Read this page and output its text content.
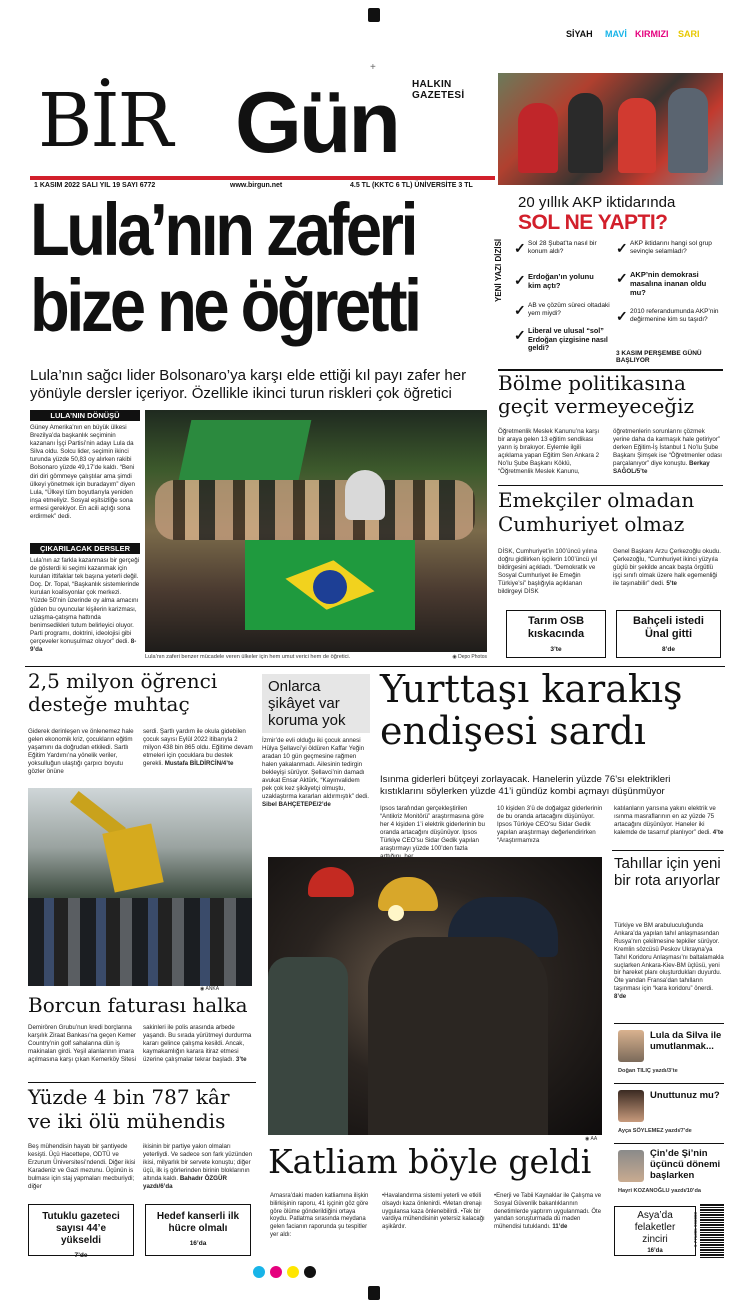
SİYAH MAVİ KIRMIZI SARI
+
HALKIN GAZETESİ
BİR Gün
1 KASIM 2022 SALI YIL 19 SAYI 6772	www.birgun.net	4.5 TL (KKTC 6 TL) ÜNİVERSİTE 3 TL
Lula’nın zaferi
bize ne öğretti
Lula’nın sağcı lider Bolsonaro’ya karşı elde ettiği kıl payı zafer her
yönüyle dersler içeriyor. Özellikle ikinci turun riskleri çok öğretici
LULA’NIN DÖNÜŞÜ
Güney Amerika’nın en büyük ülkesi Brezilya’da başkanlık seçiminin kazananı İşçi Partisi’nin adayı Lula da Silva oldu. Solcu lider, seçimin ikinci turunda yüzde 50,83 oy alırken rakibi Bolsonaro yüzde 49,17’de kaldı. “Beni diri diri gömmeye çalıştılar ama şimdi ülkeyi yönetmek için buradayım” diyen Lula, “Ülkeyi tüm boyutlarıyla yeniden inşa etmeliyiz. Sosyal eşitsizliğe sona ermesi gerekiyor. En acili açlığı sona erdirmek” dedi.
ÇIKARILACAK DERSLER
Lula’nın az farkla kazanması bir gerçeği de gösterdi ki seçimi kazanmak için kurulan ittifaklar tek başına yeterli değil. Doç. Dr. Topal, “Başkanlık sistemlerinde kurulan koalisyonlar çok merkezi. Yüzde 50’nin üzerinde oy alma amacını güden bu oyuncular kişilerin karizması, uzlaşma-çatışma hattında benimsedikleri tutum belirleyici oluyor. Parti programı, doktrini, ideolojisi gibi çerçeveler konuşulmaz oluyor” dedi. 8-9’da
Lula’nın zaferi benzer mücadele veren ülkeler için hem umut verici hem de öğretici.	◉ Depo Photos
YENİ YAZI DİZİSİ
20 yıllık AKP iktidarında
SOL NE YAPTI?
✓ Sol 28 Şubat’ta nasıl bir konum aldı?
✓ Erdoğan’ın yolunu kim açtı?
✓ AB ve çözüm süreci oltadaki yem miydi?
✓ Liberal ve ulusal “sol” Erdoğan çizgisine nasıl geldi?
✓ AKP iktidarını hangi sol grup sevinçle selamladı?
✓ AKP’nin demokrasi masalına inanan oldu mu?
✓ 2010 referandumunda AKP’nin değirmenine kim su taşıdı?
3 KASIM PERŞEMBE GÜNÜ BAŞLIYOR
Bölme politikasına
geçit vermeyeceğiz
Öğretmenlik Meslek Kanunu’na karşı bir araya gelen 13 eğitim sendikası yarın iş bırakıyor. Eylemle ilgili açıklama yapan Eğitim Sen Ankara 2 No’lu Şube Başkanı Köklü, “Öğretmenlik Meslek Kanunu,
öğretmenlerin sorunlarını çözmek yerine daha da karmaşık hale getiriyor” derken Eğitim-İş İstanbul 1 No’lu Şube Başkanı Şimşek ise “Öğretmenler odası parçalanıyor” diye konuştu. Berkay SAĞOL/5’te
Emekçiler olmadan
Cumhuriyet olmaz
DİSK, Cumhuriyet’in 100’üncü yılına doğru gidilirken işçilerin 100’üncü yıl bildirgesini açıkladı. “Demokratik ve Sosyal Cumhuriyet ile Emeğin Türkiye’si” başlığıyla açıklanan bildirgeyi DİSK
Genel Başkanı Arzu Çerkezoğlu okudu. Çerkezoğlu, “Cumhuriyet ikinci yüzyıla güçlü bir şekilde ancak başta örgütlü işçi sınıfı olmak üzere halk egemenliği ile taşınabilir” dedi. 5’te
Tarım OSB kıskacında
3’te
Bahçeli istedi Ünal gitti
8’de
2,5 milyon öğrenci
desteğe muhtaç
Giderek derinleşen ve önlenemez hale gelen ekonomik kriz, çocukların eğitim yaşamını da doğrudan etkiledi. Sartlı Eğitim Yardımı’na yönelik veriler, yoksulluğun ulaştığı çarpıcı boyutu gözler önüne
serdi. Şartlı yardım ile okula gidebilen çocuk sayısı Eylül 2022 itibarıyla 2 milyon 438 bin 865 oldu. Eğitime devam etmeleri için çocuklara bu destek gerekli. Mustafa BİLDİRCİN/4’te
Onlarca şikâyet var koruma yok
İzmir’de evli olduğu iki çocuk annesi Hülya Şellavci’yi öldüren Kaffar Yeğin aradan 10 gün geçmesine rağmen halen yakalanmadı. Ailesinin tedirgin bekleyişi sürüyor. Şellavci’nin damadı avukat Ensar Aktürk, “Kayınvalidem pek çok kez şikâyetçi olmuştu, uzaklaştırma kararları aldırmıştık” dedi. Sibel BAHÇETEPE/2’de
Yurttaşı karakış
endişesi sardı
Isınma giderleri bütçeyi zorlayacak. Hanelerin yüzde 76’sı elektrikleri
kıstıklarını söylerken yüzde 41’i gündüz kombi açmayı düşünmüyor
Ipsos tarafından gerçekleştirilen “Antikriz Monitörü” araştırmasına göre her 4 kişiden 1’i elektrik giderlerinin bu oranda artacağını düşünüyor. Ipsos Türkiye CEO’su Sidar Gedik yapılan araştırmayı yüzde 100’den fazla
10 kişiden 3’ü de doğalgaz giderlerinin de bu oranda artacağını düşünüyor. Ipsos Türkiye CEO’su Sidar Gedik yapılan araştırmayı değerlendirirken “Araştırmamıza
katılanların yarısına yakını elektrik ve ısınma masraflarının en az yüzde 75 artacağını düşünüyor. Haneler iki kalemde de tasarruf planlıyor” dedi. 4’te
◉ ANKA
Borcun faturası halka
Demirören Grubu’nun kredi borçlarına karşılık Ziraat Bankası’na geçen Kemer Country’nin golf sahalarına dün iş makinaları girdi. Yeşil alanlarının imara açılmasına karşı çıkan Kemerköy Sitesi
sakinleri ile polis arasında arbede yaşandı. Bu sırada yürütmeyi durdurma kararı gelince çalışma kesildi. Ancak, kaymakamlığın karara itiraz etmesi üzerine çalışmalar tekrar başladı. 3’te
Yüzde 4 bin 787 kâr
ve iki ölü mühendis
Beş mühendisin hayatı bir şantiyede kesişti. Üçü Hacettepe, ODTÜ ve Erzurum Üniversitesi’ndendi. Diğer ikisi Karadeniz ve Gazi mezunu. Üçünün is bulması için staj yapmaları mecburiydi; diğer
ikisinin bir partiye yakın olmaları yeterliydi. Ve sadece son fark yüzünden ikisi, milyarlık bir servete konuştu; diğer üçü, ilk iş görlerinden birinin bloklarının altında kaldı. Bahadır ÖZGÜR yazdı/6’da
Tutuklu gazeteci sayısı 44’e yükseldi
7’de
Hedef kanserli ilk hücre olmalı
16’da
◉ AA
Katliam böyle geldi
Amasra’daki maden katliamına ilişkin bilirkişinin raporu, 41 işçinin göz göre göre ölüme gönderildiğini ortaya koydu. Patlatma sırasında meydana gelen facianın raporunda şu tespitler yer aldı:
•Havalandırma sistemi yeterli ve etkili olsaydı kaza önlenirdi. •Metan drenajı uygulansa kaza önlenebilirdi. •Tek bir vardiya mühendisinin yetersiz kalacağı aşikârdır.
•Enerji ve Tabii Kaynaklar ile Çalışma ve Sosyal Güvenlik bakanlıklarının denetimlerde yaptırım uygulanmadı. Öte yandan soruşturmada dü maden mühendisi tutuklandı. 11’de
Tahıllar için yeni bir rota arıyorlar
Türkiye ve BM arabuluculuğunda Ankara’da yapılan tahıl anlaşmasından Rusya’nın çekilmesine tepkiler sürüyor. Kremlin sözcüsü Peskov Ukrayna’ya Tahıl Koridoru Anlaşması’nı baltalamakla suçlarken Ankara-Kiev-BM üçlüsü, yeni bir hareket planı oluşturdukları duyurdu. Öte yandan Fransa’dan tahılların taşınması için “kara koridoru” önerdi. 8’de
Lula da Silva ile umutlanmak...
Doğan TILIÇ yazdı/3’te
Unuttunuz mu?
Ayça SÖYLEMEZ yazdı/7’de
Çin’de Şi’nin üçüncü dönemi başlarken
Hayri KOZANOĞLU yazdı/10’da
Asya’da felaketler zinciri
16’da
9 771305 996008
